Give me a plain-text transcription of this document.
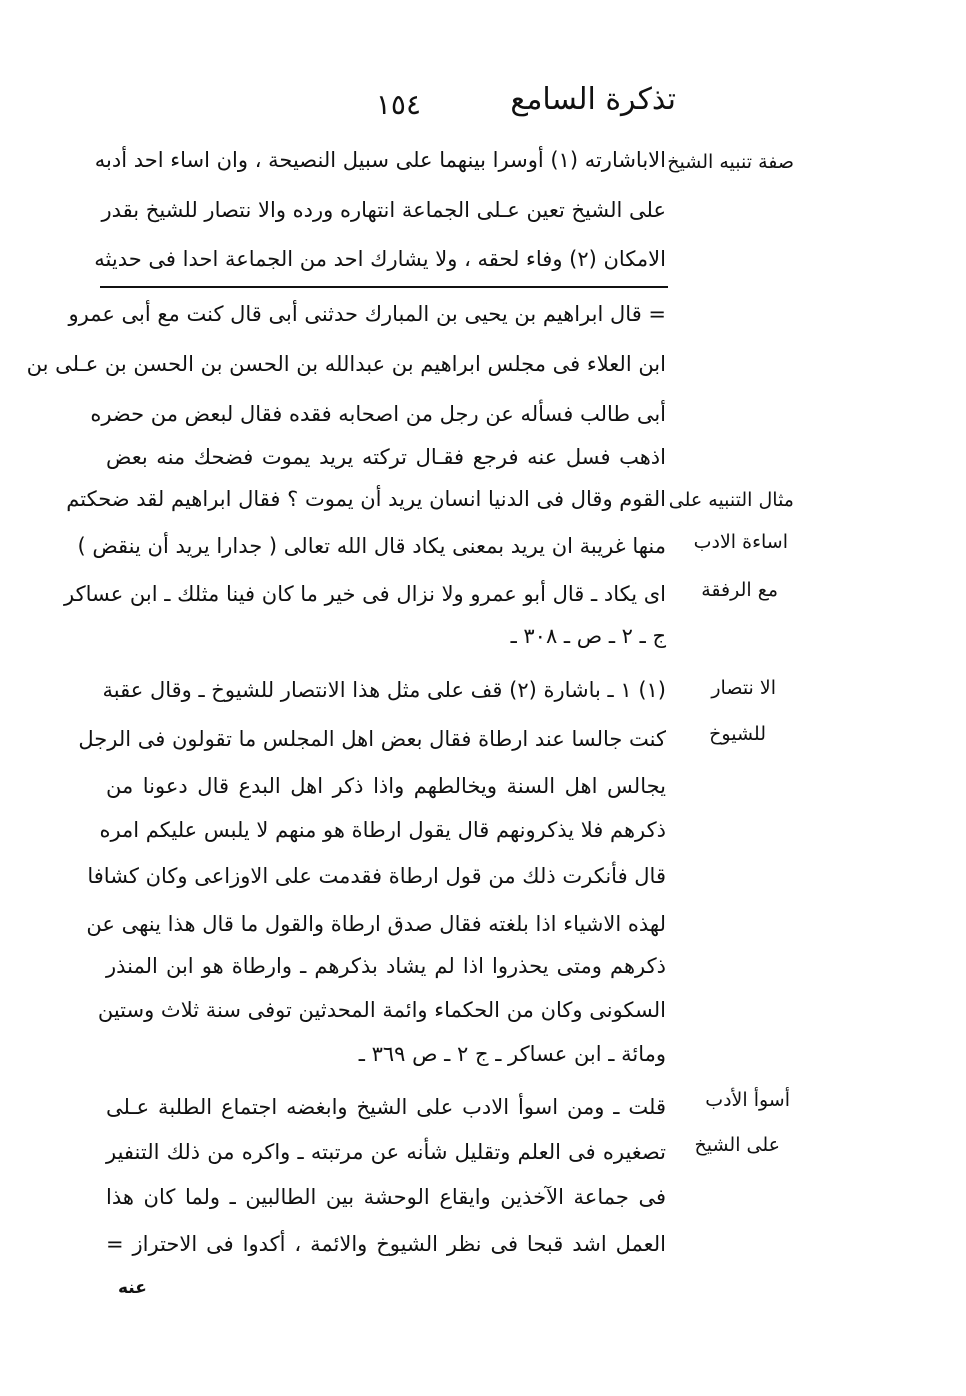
تذكرة السامع
١٥٤
الاباشارته (١) أوسرا بينهما على سبيل النصيحة ، وان اساء احد أدبه
على الشيخ تعين عـلى الجماعة انتهاره ورده والا نتصار للشيخ بقدر
الامكان (٢) وفاء لحقه ، ولا يشارك احد من الجماعة احدا فى حديثه
= قال ابراهيم بن يحيى بن المبارك حدثنى أبى قال كنت مع أبى عمرو
ابن العلاء فى مجلس ابراهيم بن عبدالله بن الحسن بن الحسن بن عـلى بن
أبى طالب فسأله عن رجل من اصحابه فقده فقال لبعض من حضره
اذهب فسل عنه فرجع فقـال تركته يريد يموت فضحك منه بعض
القوم وقال فى الدنيا انسان يريد أن يموت ؟ فقال ابراهيم لقد ضحكتم
منها غريبة ان يريد بمعنى يكاد قال الله تعالى ( جدارا يريد أن ينقض )
اى يكاد ـ قال أبو عمرو ولا نزال فى خير ما كان فينا مثلك ـ ابن عساكر
ج ـ ٢ ـ ص ـ ٣٠٨ ـ
(١) ١ ـ باشارة (٢) قف على مثل هذا الانتصار للشيوخ ـ وقال عقبة
كنت جالسا عند ارطاة فقال بعض اهل المجلس ما تقولون فى الرجل
يجالس اهل السنة ويخالطهم واذا ذكر اهل البدع قال دعونا من
ذكرهم فلا يذكرونهم قال يقول ارطاة هو منهم لا يلبس عليكم امره
قال فأنكرت ذلك من قول ارطاة فقدمت على الاوزاعى وكان كشافا
لهذه الاشياء اذا بلغته فقال صدق ارطاة والقول ما قال هذا ينهى عن
ذكرهم ومتى يحذروا اذا لم يشاد بذكرهم ـ وارطاة هو ابن المنذر
السكونى وكان من الحكماء وائمة المحدثين توفى سنة ثلاث وستين
ومائة ـ ابن عساكر ـ ج ٢ ـ ص ٣٦٩ ـ
قلت ـ ومن اسوأ الادب على الشيخ وابغضه اجتماع الطلبة عـلى
تصغيره فى العلم وتقليل شأنه عن مرتبته ـ واكره من ذلك التنفير
فى جماعة الآخذين وايقاع الوحشة بين الطالبين ـ ولما كان هذا
العمل اشد قبحا فى نظر الشيوخ والائمة ، أكدوا فى الاحتراز =
صفة تنبيه الشيخ
مثال التنبيه على
اساءة الادب
مع الرفقة
الا نتصار
للشيوخ
أسوأ الأدب
على الشيخ
عنه
